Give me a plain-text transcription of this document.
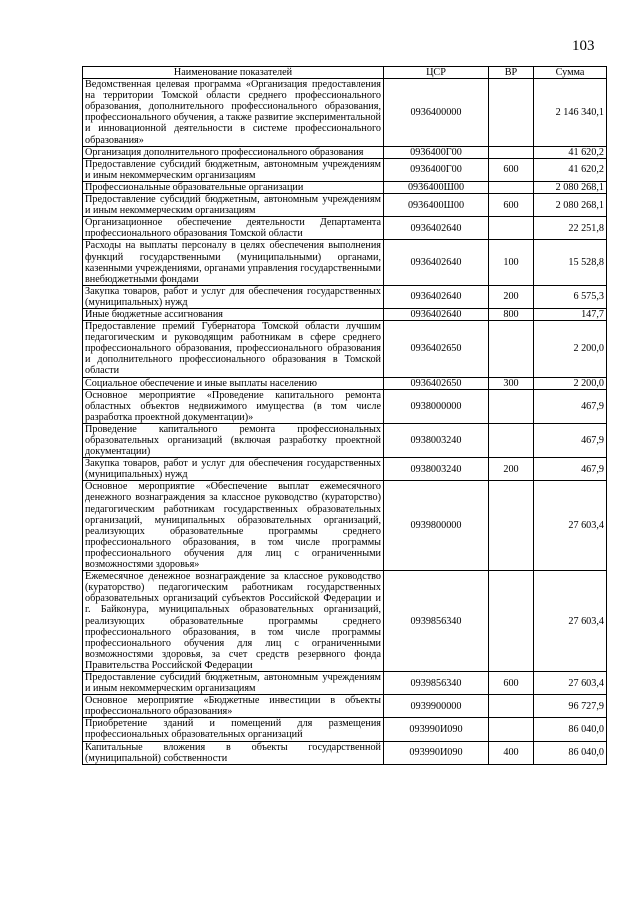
103
Наименование показателей	ЦСР	ВР	Сумма
Ведомственная целевая программа «Организация предоставления на территории Томской области среднего профессионального образования, дополнительного профессионального образования, профессионального обучения, а также развитие экспериментальной и инновационной деятельности в системе профессионального образования»	0936400000		2 146 340,1
Организация дополнительного профессионального образования	0936400Г00		41 620,2
Предоставление субсидий бюджетным, автономным учреждениям и иным некоммерческим организациям	0936400Г00	600	41 620,2
Профессиональные образовательные организации	0936400Ш00		2 080 268,1
Предоставление субсидий бюджетным, автономным учреждениям и иным некоммерческим организациям	0936400Ш00	600	2 080 268,1
Организационное обеспечение деятельности Департамента профессионального образования Томской области	0936402640		22 251,8
Расходы на выплаты персоналу в целях обеспечения выполнения функций государственными (муниципальными) органами, казенными учреждениями, органами управления государственными внебюджетными фондами	0936402640	100	15 528,8
Закупка товаров, работ и услуг для обеспечения государственных (муниципальных) нужд	0936402640	200	6 575,3
Иные бюджетные ассигнования	0936402640	800	147,7
Предоставление премий Губернатора Томской области лучшим педагогическим и руководящим работникам в сфере среднего профессионального образования, профессионального образования и дополнительного профессионального образования в Томской области	0936402650		2 200,0
Социальное обеспечение и иные выплаты населению	0936402650	300	2 200,0
Основное мероприятие «Проведение капитального ремонта областных объектов недвижимого имущества (в том числе разработка проектной документации)»	0938000000		467,9
Проведение капитального ремонта профессиональных образовательных организаций (включая разработку проектной документации)	0938003240		467,9
Закупка товаров, работ и услуг для обеспечения государственных (муниципальных) нужд	0938003240	200	467,9
Основное мероприятие «Обеспечение выплат ежемесячного денежного вознаграждения за классное руководство (кураторство) педагогическим работникам государственных образовательных организаций, муниципальных образовательных организаций, реализующих образовательные программы среднего профессионального образования, в том числе программы профессионального обучения для лиц с ограниченными возможностями здоровья»	0939800000		27 603,4
Ежемесячное денежное вознаграждение за классное руководство (кураторство) педагогическим работникам государственных образовательных организаций субъектов Российской Федерации и г. Байконура, муниципальных образовательных организаций, реализующих образовательные программы среднего профессионального образования, в том числе программы профессионального обучения для лиц с ограниченными возможностями здоровья, за счет средств резервного фонда Правительства Российской Федерации	0939856340		27 603,4
Предоставление субсидий бюджетным, автономным учреждениям и иным некоммерческим организациям	0939856340	600	27 603,4
Основное мероприятие «Бюджетные инвестиции в объекты профессионального образования»	0939900000		96 727,9
Приобретение зданий и помещений для размещения профессиональных образовательных организаций	093990И090		86 040,0
Капитальные вложения в объекты государственной (муниципальной) собственности	093990И090	400	86 040,0
